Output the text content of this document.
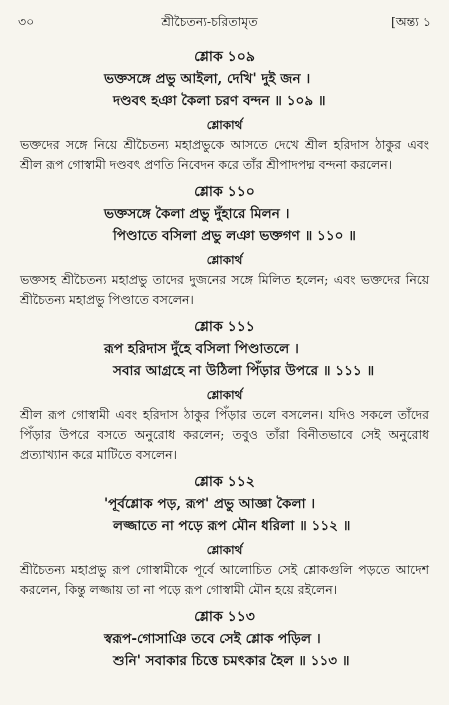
৩০	শ্রীচৈতন্য-চরিতামৃত	[অন্ত্য ১
শ্লোক ১০৯
ভক্তসঙ্গে প্রভু আইলা, দেখি' দুই জন ।
দণ্ডবৎ হঞা কৈলা চরণ বন্দন ॥ ১০৯ ॥
শ্লোকার্থ
ভক্তদের সঙ্গে নিয়ে শ্রীচৈতন্য মহাপ্রভুকে আসতে দেখে শ্রীল হরিদাস ঠাকুর এবং শ্রীল রূপ গোস্বামী দণ্ডবৎ প্রণতি নিবেদন করে তাঁর শ্রীপাদপদ্ম বন্দনা করলেন।
শ্লোক ১১০
ভক্তসঙ্গে কৈলা প্রভু দুঁহারে মিলন ।
পিণ্ডাতে বসিলা প্রভু লঞা ভক্তগণ ॥ ১১০ ॥
শ্লোকার্থ
ভক্তসহ শ্রীচৈতন্য মহাপ্রভু তাদের দুজনের সঙ্গে মিলিত হলেন; এবং ভক্তদের নিয়ে শ্রীচৈতন্য মহাপ্রভু পিণ্ডাতে বসলেন।
শ্লোক ১১১
রূপ হরিদাস দুঁহে বসিলা পিণ্ডাতলে ।
সবার আগ্রহে না উঠিলা পিঁড়ার উপরে ॥ ১১১ ॥
শ্লোকার্থ
শ্রীল রূপ গোস্বামী এবং হরিদাস ঠাকুর পিঁড়ার তলে বসলেন। যদিও সকলে তাঁদের পিঁড়ার উপরে বসতে অনুরোধ করলেন; তবুও তাঁরা বিনীতভাবে সেই অনুরোধ প্রত্যাখ্যান করে মাটিতে বসলেন।
শ্লোক ১১২
'পূর্বশ্লোক পড়, রূপ' প্রভু আজ্ঞা কৈলা ।
লজ্জাতে না পড়ে রূপ মৌন ধরিলা ॥ ১১২ ॥
শ্লোকার্থ
শ্রীচৈতন্য মহাপ্রভু রূপ গোস্বামীকে পূর্বে আলোচিত সেই শ্লোকগুলি পড়তে আদেশ করলেন, কিন্তু লজ্জায় তা না পড়ে রূপ গোস্বামী মৌন হয়ে রইলেন।
শ্লোক ১১৩
স্বরূপ-গোসাঞি তবে সেই শ্লোক পড়িল ।
শুনি' সবাকার চিত্তে চমৎকার হৈল ॥ ১১৩ ॥
